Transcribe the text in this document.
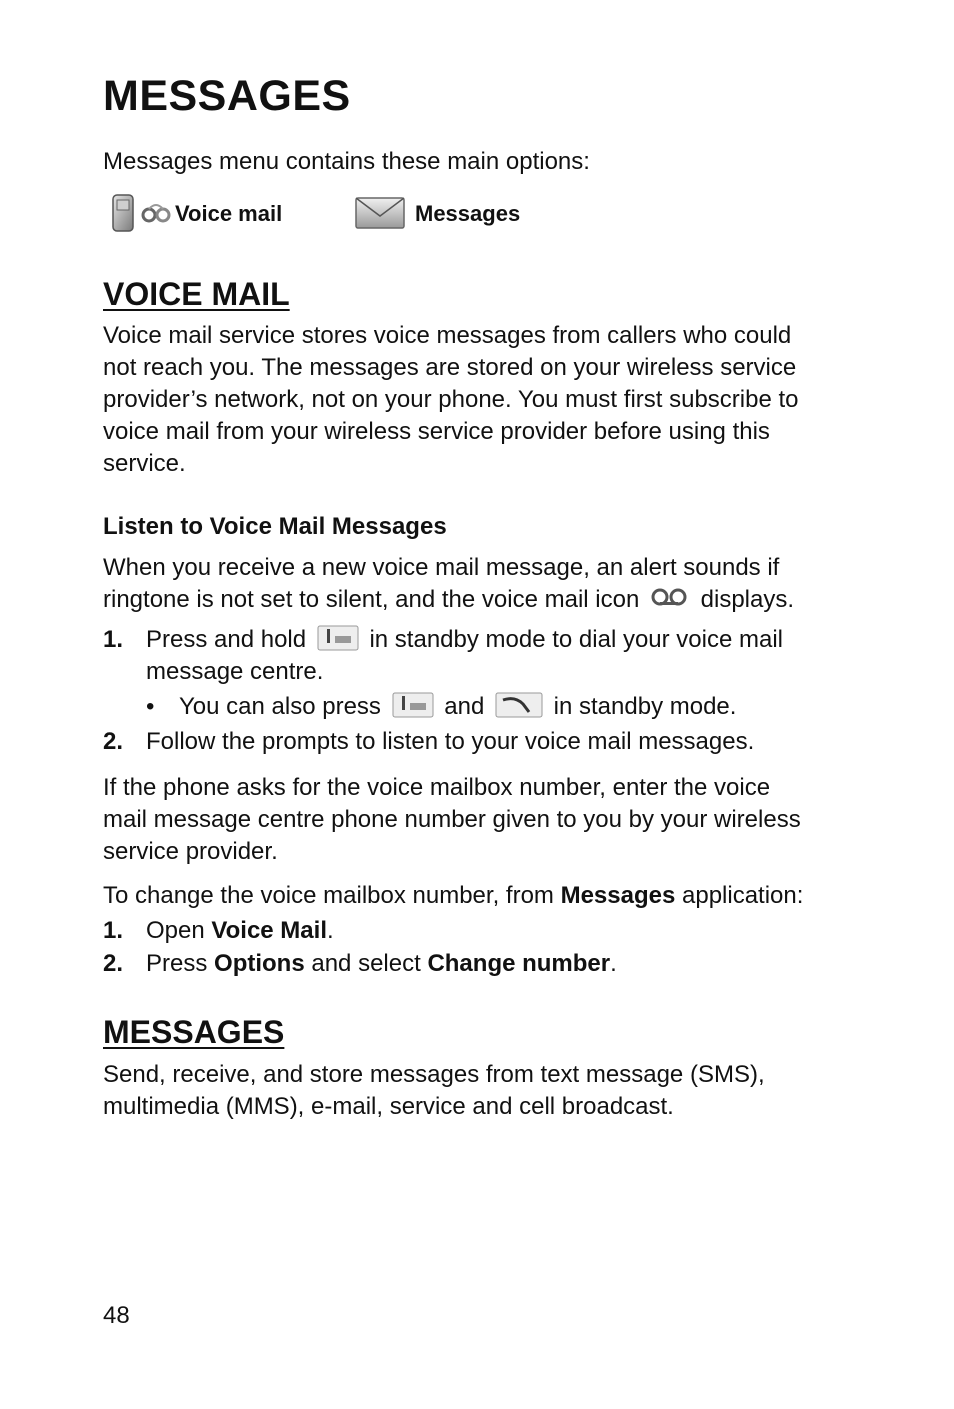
MESSAGES

Messages menu contains these main options:

Voice mail	Messages
VOICE MAIL

Voice mail service stores voice messages from callers who could

not reach you. The messages are stored on your wireless service

provider’s network, not on your phone. You must first subscribe to

voice mail from your wireless service provider before using this

service.

Listen to Voice Mail Messages

When you receive a new voice mail message, an alert sounds if

ringtone is not set to silent, and the voice mail icon	displays.

1. Press and hold	in standby mode to dial your voice mail
message centre.
• You can also press	and	in standby mode.
2. Follow the prompts to listen to your voice mail messages.

If the phone asks for the voice mailbox number, enter the voice

mail message centre phone number given to you by your wireless

service provider.

To change the voice mailbox number, from Messages application:

1. Open Voice Mail.
2. Press Options and select Change number.
MESSAGES

Send, receive, and store messages from text message (SMS),

multimedia (MMS), e-mail, service and cell broadcast.

48
